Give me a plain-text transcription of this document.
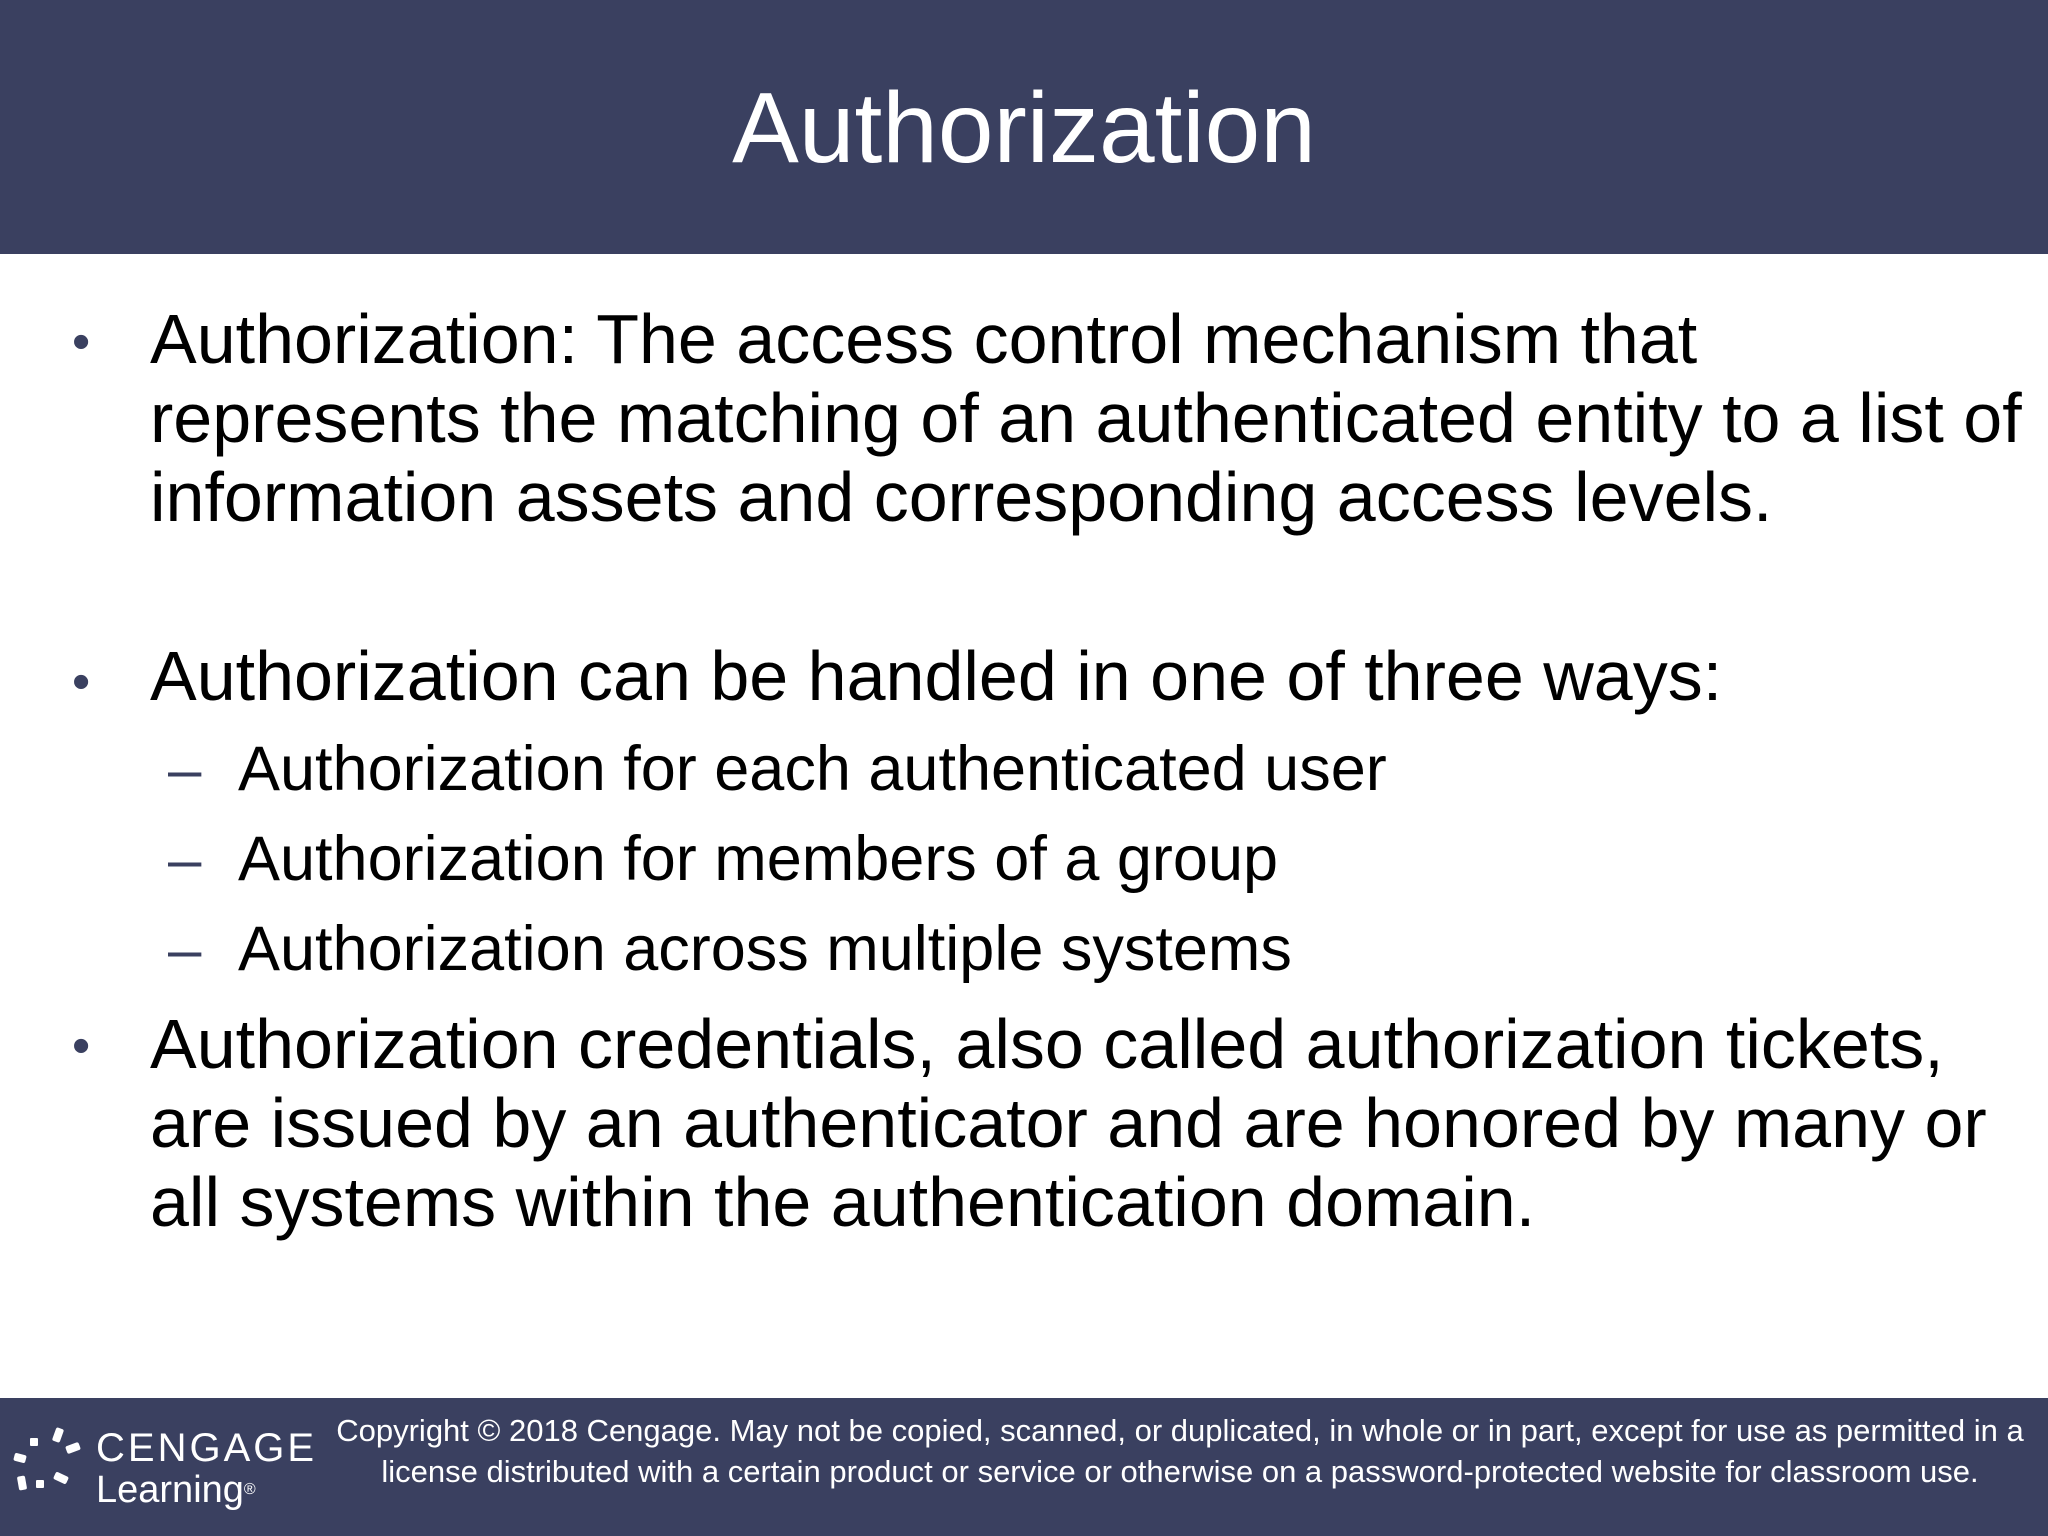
Authorization
• Authorization: The access control mechanism that represents the matching of an authenticated entity to a list of information assets and corresponding access levels.
• Authorization can be handled in one of three ways:
– Authorization for each authenticated user
– Authorization for members of a group
– Authorization across multiple systems
• Authorization credentials, also called authorization tickets, are issued by an authenticator and are honored by many or all systems within the authentication domain.
CENGAGE
Learning®
Copyright © 2018 Cengage. May not be copied, scanned, or duplicated, in whole or in part, except for use as permitted in a license distributed with a certain product or service or otherwise on a password-protected website for classroom use.
